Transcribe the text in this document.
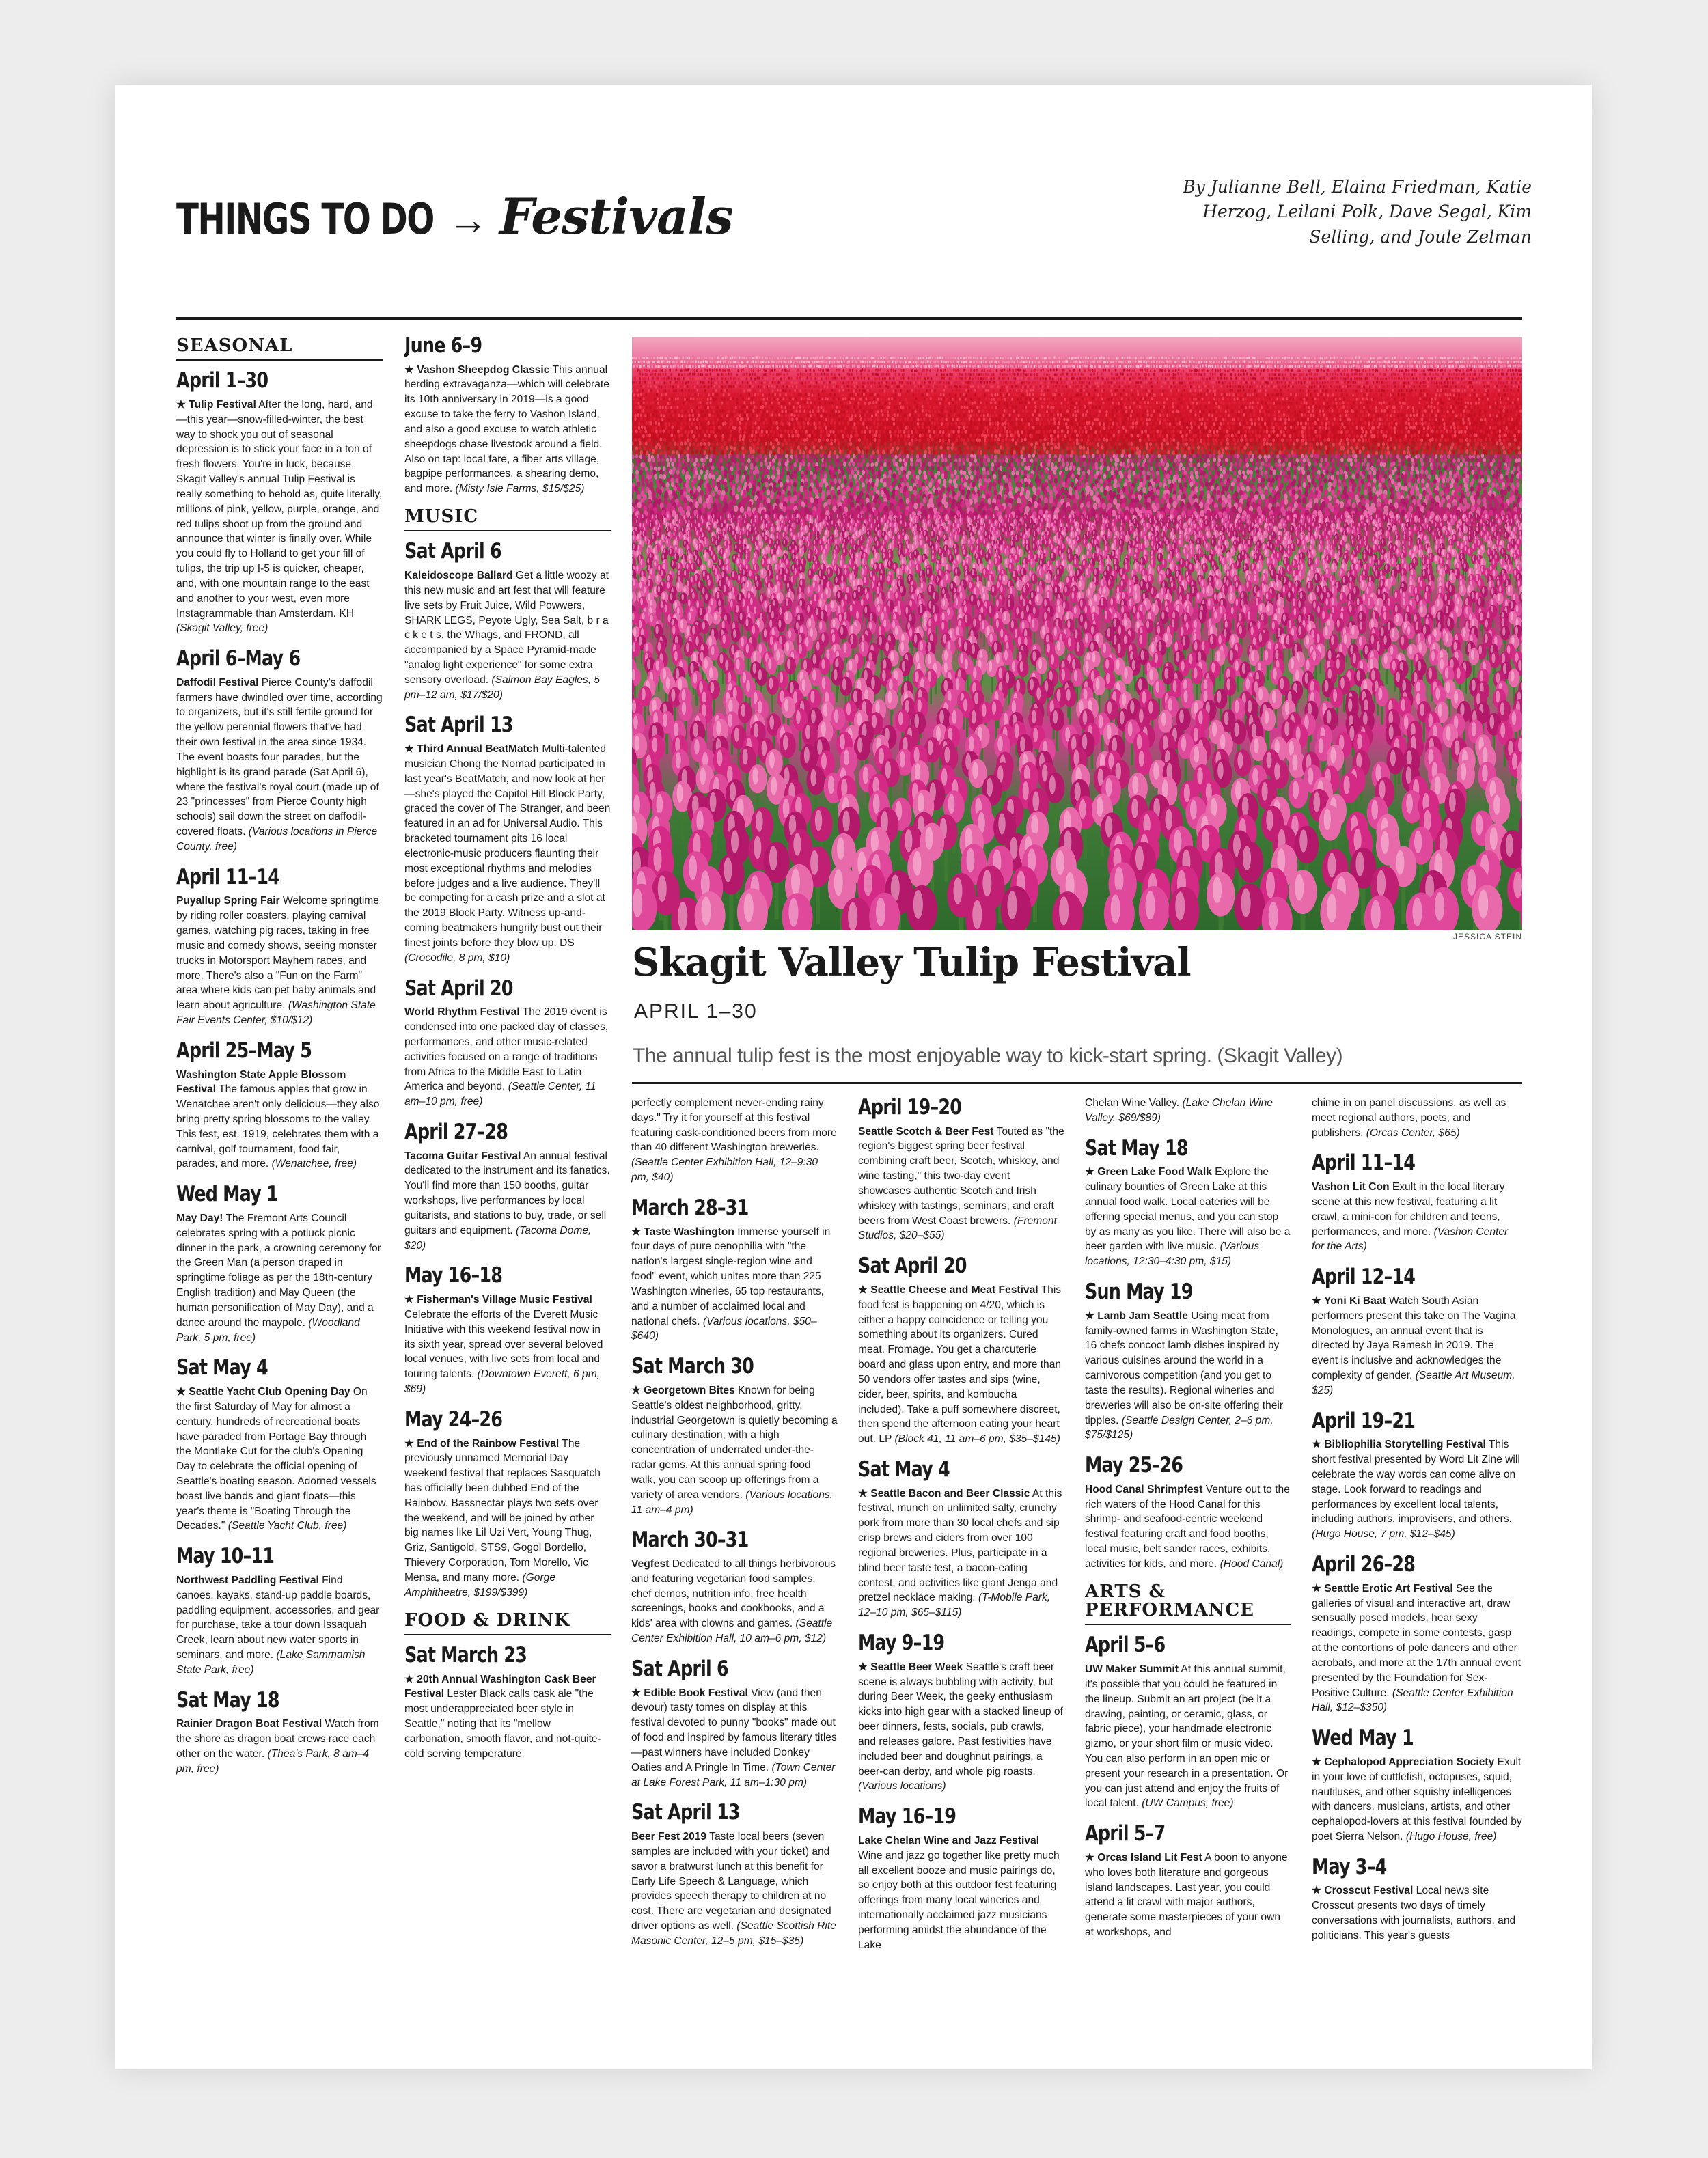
THINGS TO DO → Festivals
By Julianne Bell, Elaina Friedman, Katie Herzog, Leilani Polk, Dave Segal, Kim Selling, and Joule Zelman
JESSICA STEIN
Skagit Valley Tulip Festival
APRIL 1–30
The annual tulip fest is the most enjoyable way to kick-start spring. (Skagit Valley)
SEASONAL
April 1–30

★ Tulip Festival After the long, hard, and—this year—snow-filled-winter, the best way to shock you out of seasonal depression is to stick your face in a ton of fresh flowers. You're in luck, because Skagit Valley's annual Tulip Festival is really something to behold as, quite literally, millions of pink, yellow, purple, orange, and red tulips shoot up from the ground and announce that winter is finally over. While you could fly to Holland to get your fill of tulips, the trip up I-5 is quicker, cheaper, and, with one mountain range to the east and another to your west, even more Instagrammable than Amsterdam. KH (Skagit Valley, free)

April 6–May 6

Daffodil Festival Pierce County's daffodil farmers have dwindled over time, according to organizers, but it's still fertile ground for the yellow perennial flowers that've had their own festival in the area since 1934. The event boasts four parades, but the highlight is its grand parade (Sat April 6), where the festival's royal court (made up of 23 "princesses" from Pierce County high schools) sail down the street on daffodil-covered floats. (Various locations in Pierce County, free)

April 11–14

Puyallup Spring Fair Welcome springtime by riding roller coasters, playing carnival games, watching pig races, taking in free music and comedy shows, seeing monster trucks in Motorsport Mayhem races, and more. There's also a "Fun on the Farm" area where kids can pet baby animals and learn about agriculture. (Washington State Fair Events Center, $10/$12)

April 25–May 5

Washington State Apple Blossom Festival The famous apples that grow in Wenatchee aren't only delicious—they also bring pretty spring blossoms to the valley. This fest, est. 1919, celebrates them with a carnival, golf tournament, food fair, parades, and more. (Wenatchee, free)

Wed May 1

May Day! The Fremont Arts Council celebrates spring with a potluck picnic dinner in the park, a crowning ceremony for the Green Man (a person draped in springtime foliage as per the 18th-century English tradition) and May Queen (the human personification of May Day), and a dance around the maypole. (Woodland Park, 5 pm, free)

Sat May 4

★ Seattle Yacht Club Opening Day On the first Saturday of May for almost a century, hundreds of recreational boats have paraded from Portage Bay through the Montlake Cut for the club's Opening Day to celebrate the official opening of Seattle's boating season. Adorned vessels boast live bands and giant floats—this year's theme is "Boating Through the Decades." (Seattle Yacht Club, free)

May 10–11

Northwest Paddling Festival Find canoes, kayaks, stand-up paddle boards, paddling equipment, accessories, and gear for purchase, take a tour down Issaquah Creek, learn about new water sports in seminars, and more. (Lake Sammamish State Park, free)

Sat May 18

Rainier Dragon Boat Festival Watch from the shore as dragon boat crews race each other on the water. (Thea's Park, 8 am–4 pm, free)

June 6–9

★ Vashon Sheepdog Classic This annual herding extravaganza—which will celebrate its 10th anniversary in 2019—is a good excuse to take the ferry to Vashon Island, and also a good excuse to watch athletic sheepdogs chase livestock around a field. Also on tap: local fare, a fiber arts village, bagpipe performances, a shearing demo, and more. (Misty Isle Farms, $15/$25)

MUSIC
Sat April 6

Kaleidoscope Ballard Get a little woozy at this new music and art fest that will feature live sets by Fruit Juice, Wild Powwers, SHARK LEGS, Peyote Ugly, Sea Salt, b r a c k e t s, the Whags, and FROND, all accompanied by a Space Pyramid-made "analog light experience" for some extra sensory overload. (Salmon Bay Eagles, 5 pm–12 am, $17/$20)

Sat April 13

★ Third Annual BeatMatch Multi-talented musician Chong the Nomad participated in last year's BeatMatch, and now look at her—she's played the Capitol Hill Block Party, graced the cover of The Stranger, and been featured in an ad for Universal Audio. This bracketed tournament pits 16 local electronic-music producers flaunting their most exceptional rhythms and melodies before judges and a live audience. They'll be competing for a cash prize and a slot at the 2019 Block Party. Witness up-and-coming beatmakers hungrily bust out their finest joints before they blow up. DS (Crocodile, 8 pm, $10)

Sat April 20

World Rhythm Festival The 2019 event is condensed into one packed day of classes, performances, and other music-related activities focused on a range of traditions from Africa to the Middle East to Latin America and beyond. (Seattle Center, 11 am–10 pm, free)

April 27–28

Tacoma Guitar Festival An annual festival dedicated to the instrument and its fanatics. You'll find more than 150 booths, guitar workshops, live performances by local guitarists, and stations to buy, trade, or sell guitars and equipment. (Tacoma Dome, $20)

May 16–18

★ Fisherman's Village Music Festival Celebrate the efforts of the Everett Music Initiative with this weekend festival now in its sixth year, spread over several beloved local venues, with live sets from local and touring talents. (Downtown Everett, 6 pm, $69)

May 24–26

★ End of the Rainbow Festival The previously unnamed Memorial Day weekend festival that replaces Sasquatch has officially been dubbed End of the Rainbow. Bassnectar plays two sets over the weekend, and will be joined by other big names like Lil Uzi Vert, Young Thug, Griz, Santigold, STS9, Gogol Bordello, Thievery Corporation, Tom Morello, Vic Mensa, and many more. (Gorge Amphitheatre, $199/$399)

FOOD & DRINK
Sat March 23

★ 20th Annual Washington Cask Beer Festival Lester Black calls cask ale "the most underappreciated beer style in Seattle," noting that its "mellow carbonation, smooth flavor, and not-quite-cold serving temperature

perfectly complement never-ending rainy days." Try it for yourself at this festival featuring cask-conditioned beers from more than 40 different Washington breweries. (Seattle Center Exhibition Hall, 12–9:30 pm, $40)

March 28–31

★ Taste Washington Immerse yourself in four days of pure oenophilia with "the nation's largest single-region wine and food" event, which unites more than 225 Washington wineries, 65 top restaurants, and a number of acclaimed local and national chefs. (Various locations, $50–$640)

Sat March 30

★ Georgetown Bites Known for being Seattle's oldest neighborhood, gritty, industrial Georgetown is quietly becoming a culinary destination, with a high concentration of underrated under-the-radar gems. At this annual spring food walk, you can scoop up offerings from a variety of area vendors. (Various locations, 11 am–4 pm)

March 30–31

Vegfest Dedicated to all things herbivorous and featuring vegetarian food samples, chef demos, nutrition info, free health screenings, books and cookbooks, and a kids' area with clowns and games. (Seattle Center Exhibition Hall, 10 am–6 pm, $12)

Sat April 6

★ Edible Book Festival View (and then devour) tasty tomes on display at this festival devoted to punny "books" made out of food and inspired by famous literary titles—past winners have included Donkey Oaties and A Pringle In Time. (Town Center at Lake Forest Park, 11 am–1:30 pm)

Sat April 13

Beer Fest 2019 Taste local beers (seven samples are included with your ticket) and savor a bratwurst lunch at this benefit for Early Life Speech & Language, which provides speech therapy to children at no cost. There are vegetarian and designated driver options as well. (Seattle Scottish Rite Masonic Center, 12–5 pm, $15–$35)

April 19–20

Seattle Scotch & Beer Fest Touted as "the region's biggest spring beer festival combining craft beer, Scotch, whiskey, and wine tasting," this two-day event showcases authentic Scotch and Irish whiskey with tastings, seminars, and craft beers from West Coast brewers. (Fremont Studios, $20–$55)

Sat April 20

★ Seattle Cheese and Meat Festival This food fest is happening on 4/20, which is either a happy coincidence or telling you something about its organizers. Cured meat. Fromage. You get a charcuterie board and glass upon entry, and more than 50 vendors offer tastes and sips (wine, cider, beer, spirits, and kombucha included). Take a puff somewhere discreet, then spend the afternoon eating your heart out. LP (Block 41, 11 am–6 pm, $35–$145)

Sat May 4

★ Seattle Bacon and Beer Classic At this festival, munch on unlimited salty, crunchy pork from more than 30 local chefs and sip crisp brews and ciders from over 100 regional breweries. Plus, participate in a blind beer taste test, a bacon-eating contest, and activities like giant Jenga and pretzel necklace making. (T-Mobile Park, 12–10 pm, $65–$115)

May 9–19

★ Seattle Beer Week Seattle's craft beer scene is always bubbling with activity, but during Beer Week, the geeky enthusiasm kicks into high gear with a stacked lineup of beer dinners, fests, socials, pub crawls, and releases galore. Past festivities have included beer and doughnut pairings, a beer-can derby, and whole pig roasts. (Various locations)

May 16–19

Lake Chelan Wine and Jazz Festival Wine and jazz go together like pretty much all excellent booze and music pairings do, so enjoy both at this outdoor fest featuring offerings from many local wineries and internationally acclaimed jazz musicians performing amidst the abundance of the Lake

Chelan Wine Valley. (Lake Chelan Wine Valley, $69/$89)

Sat May 18

★ Green Lake Food Walk Explore the culinary bounties of Green Lake at this annual food walk. Local eateries will be offering special menus, and you can stop by as many as you like. There will also be a beer garden with live music. (Various locations, 12:30–4:30 pm, $15)

Sun May 19

★ Lamb Jam Seattle Using meat from family-owned farms in Washington State, 16 chefs concoct lamb dishes inspired by various cuisines around the world in a carnivorous competition (and you get to taste the results). Regional wineries and breweries will also be on-site offering their tipples. (Seattle Design Center, 2–6 pm, $75/$125)

May 25–26

Hood Canal Shrimpfest Venture out to the rich waters of the Hood Canal for this shrimp- and seafood-centric weekend festival featuring craft and food booths, local music, belt sander races, exhibits, activities for kids, and more. (Hood Canal)

ARTS & PERFORMANCE
April 5–6

UW Maker Summit At this annual summit, it's possible that you could be featured in the lineup. Submit an art project (be it a drawing, painting, or ceramic, glass, or fabric piece), your handmade electronic gizmo, or your short film or music video. You can also perform in an open mic or present your research in a presentation. Or you can just attend and enjoy the fruits of local talent. (UW Campus, free)

April 5–7

★ Orcas Island Lit Fest A boon to anyone who loves both literature and gorgeous island landscapes. Last year, you could attend a lit crawl with major authors, generate some masterpieces of your own at workshops, and

chime in on panel discussions, as well as meet regional authors, poets, and publishers. (Orcas Center, $65)

April 11–14

Vashon Lit Con Exult in the local literary scene at this new festival, featuring a lit crawl, a mini-con for children and teens, performances, and more. (Vashon Center for the Arts)

April 12–14

★ Yoni Ki Baat Watch South Asian performers present this take on The Vagina Monologues, an annual event that is directed by Jaya Ramesh in 2019. The event is inclusive and acknowledges the complexity of gender. (Seattle Art Museum, $25)

April 19–21

★ Bibliophilia Storytelling Festival This short festival presented by Word Lit Zine will celebrate the way words can come alive on stage. Look forward to readings and performances by excellent local talents, including authors, improvisers, and others. (Hugo House, 7 pm, $12–$45)

April 26–28

★ Seattle Erotic Art Festival See the galleries of visual and interactive art, draw sensually posed models, hear sexy readings, compete in some contests, gasp at the contortions of pole dancers and other acrobats, and more at the 17th annual event presented by the Foundation for Sex-Positive Culture. (Seattle Center Exhibition Hall, $12–$350)

Wed May 1

★ Cephalopod Appreciation Society Exult in your love of cuttlefish, octopuses, squid, nautiluses, and other squishy intelligences with dancers, musicians, artists, and other cephalopod-lovers at this festival founded by poet Sierra Nelson. (Hugo House, free)

May 3–4

★ Crosscut Festival Local news site Crosscut presents two days of timely conversations with journalists, authors, and politicians. This year's guests
